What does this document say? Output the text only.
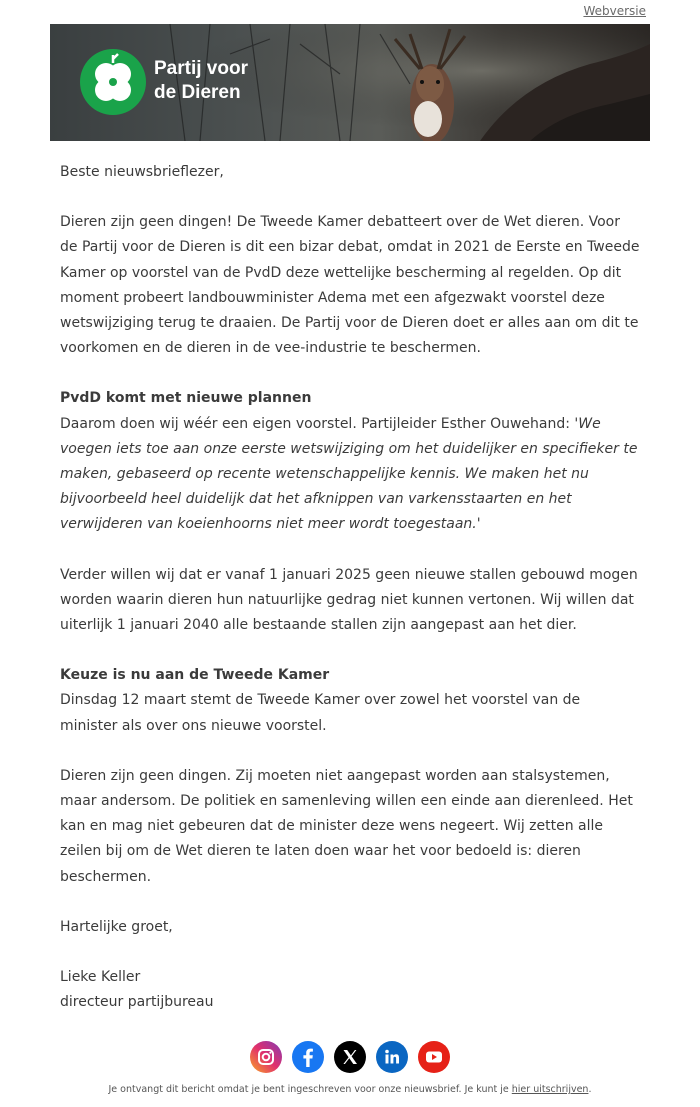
Webversie
Partij voor
de Dieren

Beste nieuwsbrieflezer,

Dieren zijn geen dingen! De Tweede Kamer debatteert over de Wet dieren. Voor de Partij voor de Dieren is dit een bizar debat, omdat in 2021 de Eerste en Tweede Kamer op voorstel van de PvdD deze wettelijke bescherming al regelden. Op dit moment probeert landbouwminister Adema met een afgezwakt voorstel deze wetswijziging terug te draaien. De Partij voor de Dieren doet er alles aan om dit te voorkomen en de dieren in de vee-industrie te beschermen.

PvdD komt met nieuwe plannen

Daarom doen wij wéér een eigen voorstel. Partijleider Esther Ouwehand: 'We voegen iets toe aan onze eerste wetswijziging om het duidelijker en specifieker te maken, gebaseerd op recente wetenschappelijke kennis. We maken het nu bijvoorbeeld heel duidelijk dat het afknippen van varkensstaarten en het verwijderen van koeienhoorns niet meer wordt toegestaan.'

Verder willen wij dat er vanaf 1 januari 2025 geen nieuwe stallen gebouwd mogen worden waarin dieren hun natuurlijke gedrag niet kunnen vertonen. Wij willen dat uiterlijk 1 januari 2040 alle bestaande stallen zijn aangepast aan het dier.

Keuze is nu aan de Tweede Kamer

Dinsdag 12 maart stemt de Tweede Kamer over zowel het voorstel van de minister als over ons nieuwe voorstel.

Dieren zijn geen dingen. Zij moeten niet aangepast worden aan stalsystemen, maar andersom. De politiek en samenleving willen een einde aan dierenleed. Het kan en mag niet gebeuren dat de minister deze wens negeert. Wij zetten alle zeilen bij om de Wet dieren te laten doen waar het voor bedoeld is: dieren beschermen.

Hartelijke groet,

Lieke Keller

directeur partijbureau

Je ontvangt dit bericht omdat je bent ingeschreven voor onze nieuwsbrief. Je kunt je hier uitschrijven.
